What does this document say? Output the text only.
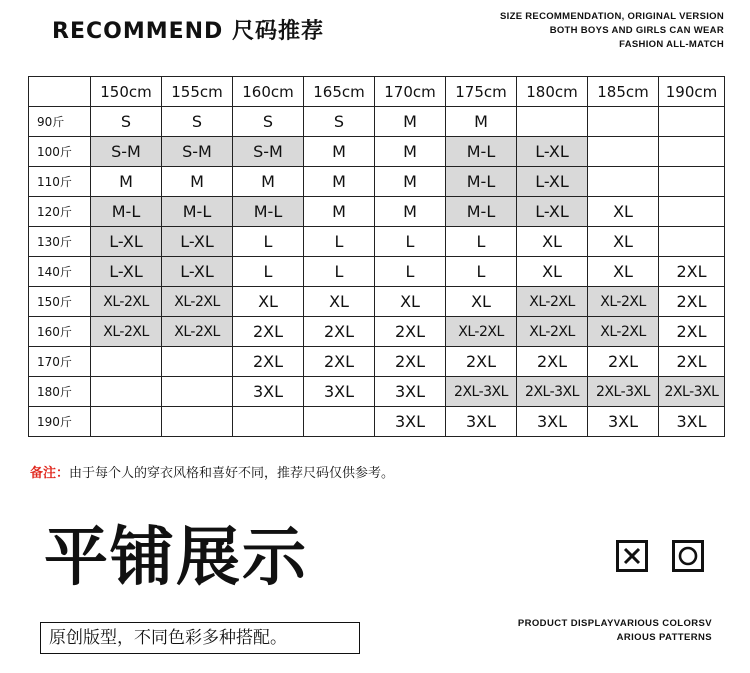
RECOMMEND 尺码推荐
SIZE RECOMMENDATION, ORIGINAL VERSION
BOTH BOYS AND GIRLS CAN WEAR
FASHION ALL-MATCH
	150cm	155cm	160cm	165cm	170cm	175cm	180cm	185cm	190cm
90斤	S	S	S	S	M	M			
100斤	S-M	S-M	S-M	M	M	M-L	L-XL		
110斤	M	M	M	M	M	M-L	L-XL		
120斤	M-L	M-L	M-L	M	M	M-L	L-XL	XL	
130斤	L-XL	L-XL	L	L	L	L	XL	XL	
140斤	L-XL	L-XL	L	L	L	L	XL	XL	2XL
150斤	XL-2XL	XL-2XL	XL	XL	XL	XL	XL-2XL	XL-2XL	2XL
160斤	XL-2XL	XL-2XL	2XL	2XL	2XL	XL-2XL	XL-2XL	XL-2XL	2XL
170斤			2XL	2XL	2XL	2XL	2XL	2XL	2XL
180斤			3XL	3XL	3XL	2XL-3XL	2XL-3XL	2XL-3XL	2XL-3XL
190斤					3XL	3XL	3XL	3XL	3XL
备注：由于每个人的穿衣风格和喜好不同，推荐尺码仅供参考。
平铺展示
PRODUCT DISPLAYVARIOUS COLORSV
ARIOUS PATTERNS
原创版型，不同色彩多种搭配。
